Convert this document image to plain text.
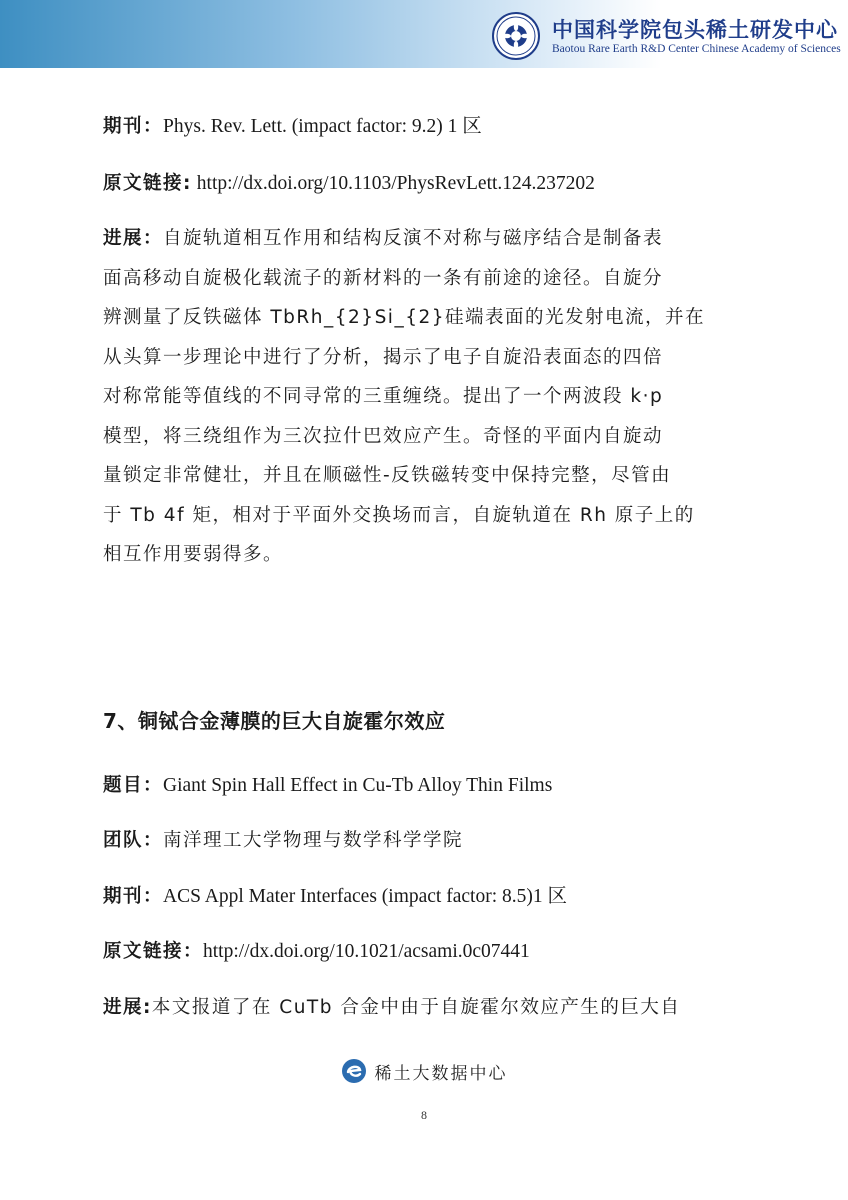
中国科学院包头稀土研发中心
Baotou Rare Earth R&D Center Chinese Academy of Sciences

期刊：Phys. Rev. Lett. (impact factor: 9.2) 1 区

原文链接: http://dx.doi.org/10.1103/PhysRevLett.124.237202

进展：自旋轨道相互作用和结构反演不对称与磁序结合是制备表
面高移动自旋极化载流子的新材料的一条有前途的途径。自旋分
辨测量了反铁磁体 TbRh_{2}Si_{2}硅端表面的光发射电流，并在
从头算一步理论中进行了分析，揭示了电子自旋沿表面态的四倍
对称常能等值线的不同寻常的三重缠绕。提出了一个两波段 k·p
模型，将三绕组作为三次拉什巴效应产生。奇怪的平面内自旋动
量锁定非常健壮，并且在顺磁性-反铁磁转变中保持完整，尽管由
于 Tb 4f 矩，相对于平面外交换场而言，自旋轨道在 Rh 原子上的
相互作用要弱得多。
7、铜铽合金薄膜的巨大自旋霍尔效应

题目：Giant Spin Hall Effect in Cu-Tb Alloy Thin Films

团队：南洋理工大学物理与数学科学学院

期刊：ACS Appl Mater Interfaces (impact factor: 8.5)1 区

原文链接：http://dx.doi.org/10.1021/acsami.0c07441

进展:本文报道了在 CuTb 合金中由于自旋霍尔效应产生的巨大自

稀土大数据中心
8
